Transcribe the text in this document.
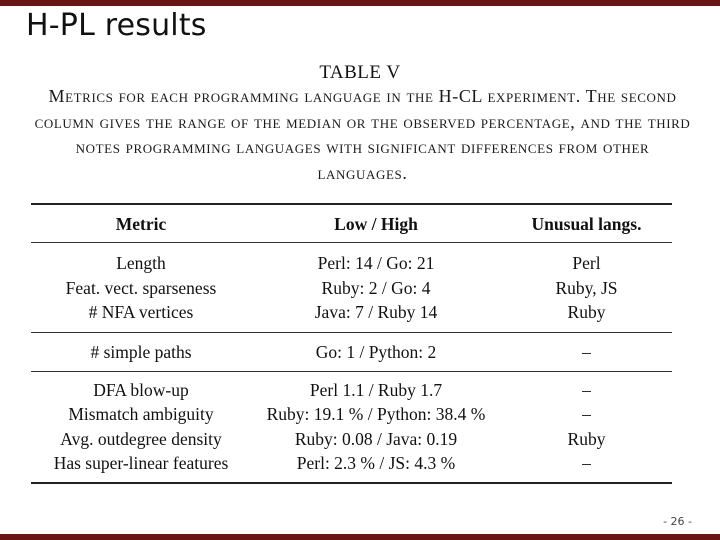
H-PL results
TABLE V
Metrics for each programming language in the H-CL experiment. The second column gives the range of the median or the observed percentage, and the third notes programming languages with significant differences from other languages.
Metric	Low / High	Unusual langs.
Length	Perl: 14 / Go: 21	Perl
Feat. vect. sparseness	Ruby: 2 / Go: 4	Ruby, JS
# NFA vertices	Java: 7 / Ruby 14	Ruby
# simple paths	Go: 1 / Python: 2	–
DFA blow-up	Perl 1.1 / Ruby 1.7	–
Mismatch ambiguity	Ruby: 19.1 % / Python: 38.4 %	–
Avg. outdegree density	Ruby: 0.08 / Java: 0.19	Ruby
Has super-linear features	Perl: 2.3 % / JS: 4.3 %	–
- 26 -
